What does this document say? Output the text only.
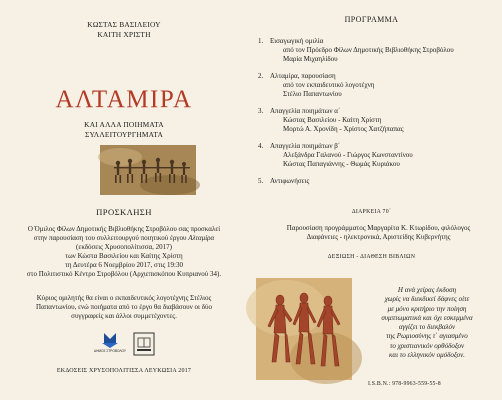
ΚΩΣΤΑΣ ΒΑΣΙΛΕΙΟΥ
ΚΑΙΤΗ ΧΡΙΣΤΗ
ΑΛΤΑΜΙΡΑ
ΚΑΙ ΑΛΛΑ ΠΟΙΗΜΑΤΑ
ΣΥΛΛΕΙΤΟΥΡΓΗΜΑΤΑ
ΠΡΟΣΚΛΗΣΗ
Ο Όμιλος Φίλων Δημοτικής Βιβλιοθήκης Στροβόλου σας προσκαλεί
στην παρουσίαση του συλλειτουργού ποιητικού έργου Αλταμίρα
(εκδόσεις Χρυσοπολίτισσα, 2017)
των Κώστα Βασιλείου και Καίτης Χρίστη
τη Δευτέρα 6 Νοεμβρίου 2017, στις 19:30
στο Πολιτιστικό Κέντρο Στροβόλου (Αρχιεπισκόπου Κυπριανού 34).
Κύριος ομιλητής θα είναι ο εκπαιδευτικός λογοτέχνης Στέλιος Παπαντωνίου, ενώ ποιήματα από το έργο θα διαβάσουν οι δύο συγγραφείς και άλλοι συμμετέχοντες.
ΔΗΜΟΣ ΣΤΡΟΒΟΛΟΥ
ΕΚΔΟΣΕΙΣ ΧΡΥΣΟΠΟΛΙΤΙΣΣΑ ΛΕΥΚΩΣΙΑ 2017
ΠΡΟΓΡΑΜΜΑ
1. Εισαγωγική ομιλία
από τον Πρόεδρο Φίλων Δημοτικής Βιβλιοθήκης Στροβόλου
Μαρία Μιχαηλίδου
2. Αλταμίρα, παρουσίαση
από τον εκπαιδευτικό λογοτέχνη
Στέλιο Παπαντωνίου
3. Απαγγελία ποιημάτων α΄
Κώστας Βασιλείου - Καίτη Χρίστη
Μορτώ Α. Χρονίδη - Χρίστος Χατζήπαπας
4. Απαγγελία ποιημάτων β΄
Αλεξάνδρα Γαλανού - Γιώργος Κωνσταντίνου
Κώστας Παπαγιάννης - Θωμάς Κυριάκου
5. Αντιφωνήσεις
ΔΙΑΡΚΕΙΑ 70΄
Παρουσίαση προγράμματος Μαργαρίτα Κ. Κτωρίδου, φιλόλογος
Διαφάνειες - ηλεκτρονικά, Αριστείδης Κυβερνήτης
ΔΕΞΙΩΣΗ - ΔΙΑΘΕΣΗ ΒΙΒΛΙΩΝ
Η ανά χείρας έκδοση
χωρίς να διεκδικεί δάφνες οίτε
με μόνο κριτήριο την ποίηση
συμπτωματικά και όχι εσκεμμένα
αγγίζει το διεκβαλόν
της Ρωμιοσύνης τ΄ αγιασμένο
το χριστιανικόν ορθόδοξον
και το ελληνικόν ομόδοξον.
I.S.B.N.: 978-9963-559-55-8
